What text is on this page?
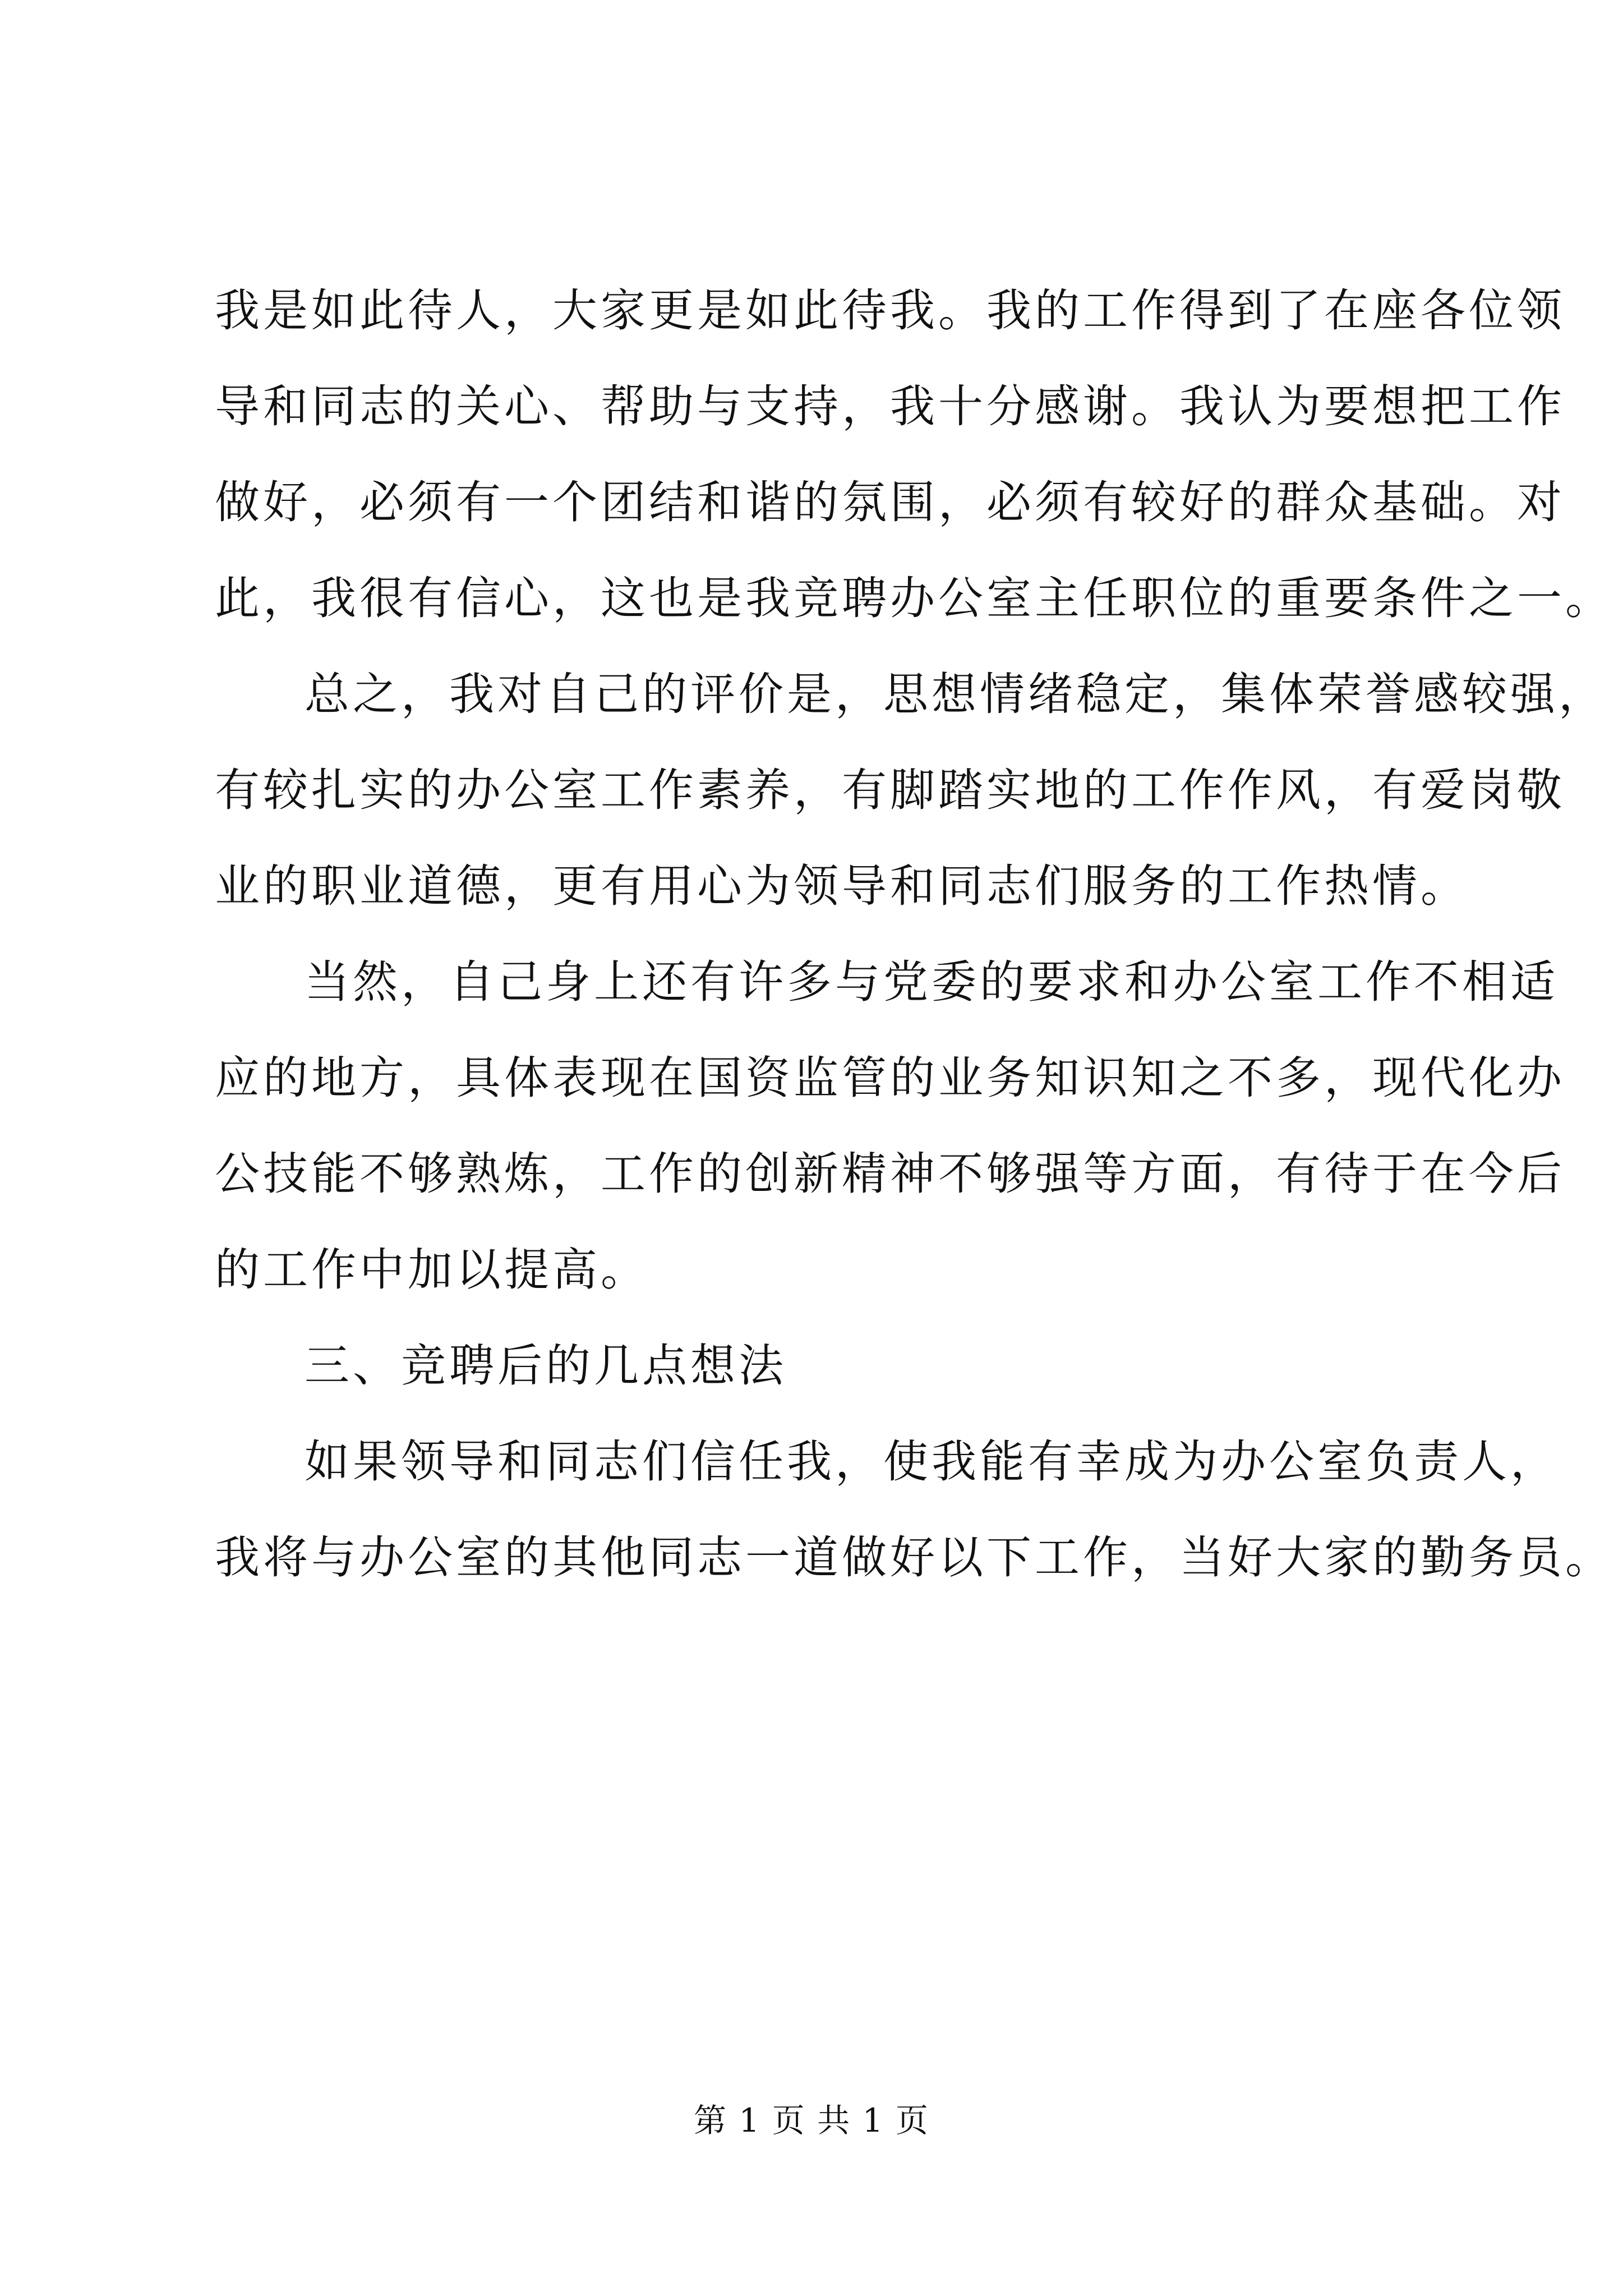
我是如此待人，大家更是如此待我。我的工作得到了在座各位领
导和同志的关心、帮助与支持，我十分感谢。我认为要想把工作
做好，必须有一个团结和谐的氛围，必须有较好的群众基础。对
此，我很有信心，这也是我竞聘办公室主任职位的重要条件之一。
总之，我对自己的评价是，思想情绪稳定，集体荣誉感较强，
有较扎实的办公室工作素养，有脚踏实地的工作作风，有爱岗敬
业的职业道德，更有用心为领导和同志们服务的工作热情。
当然，自己身上还有许多与党委的要求和办公室工作不相适
应的地方，具体表现在国资监管的业务知识知之不多，现代化办
公技能不够熟炼，工作的创新精神不够强等方面，有待于在今后
的工作中加以提高。
三、竞聘后的几点想法
如果领导和同志们信任我，使我能有幸成为办公室负责人，
我将与办公室的其他同志一道做好以下工作，当好大家的勤务员。
第 1 页 共 1 页
